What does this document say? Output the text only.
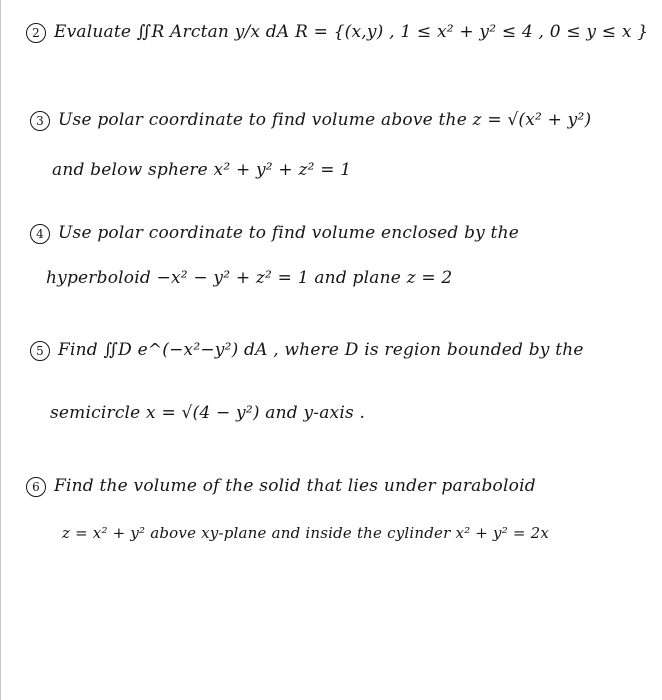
2 Evaluate ∬R Arctan y/x dA R = {(x,y) , 1 ≤ x² + y² ≤ 4 , 0 ≤ y ≤ x }
3 Use polar coordinate to find volume above the z = √(x² + y²)
and below sphere x² + y² + z² = 1
4 Use polar coordinate to find volume enclosed by the
hyperboloid −x² − y² + z² = 1 and plane z = 2
5 Find ∬D e^(−x²−y²) dA , where D is region bounded by the
semicircle x = √(4 − y²) and y-axis .
6 Find the volume of the solid that lies under paraboloid
z = x² + y² above xy-plane and inside the cylinder x² + y² = 2x
